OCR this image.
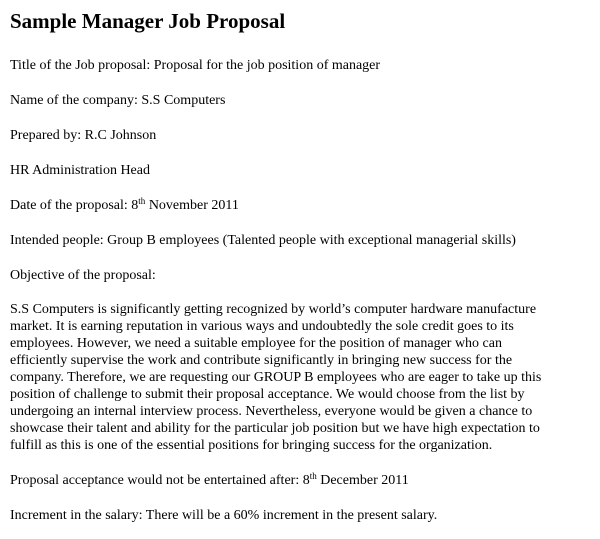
Sample Manager Job Proposal

Title of the Job proposal: Proposal for the job position of manager

Name of the company: S.S Computers

Prepared by: R.C Johnson

HR Administration Head

Date of the proposal: 8th November 2011

Intended people: Group B employees (Talented people with exceptional managerial skills)

Objective of the proposal:

S.S Computers is significantly getting recognized by world’s computer hardware manufacture
market. It is earning reputation in various ways and undoubtedly the sole credit goes to its
employees. However, we need a suitable employee for the position of manager who can
efficiently supervise the work and contribute significantly in bringing new success for the
company. Therefore, we are requesting our GROUP B employees who are eager to take up this
position of challenge to submit their proposal acceptance. We would choose from the list by
undergoing an internal interview process. Nevertheless, everyone would be given a chance to
showcase their talent and ability for the particular job position but we have high expectation to
fulfill as this is one of the essential positions for bringing success for the organization.

Proposal acceptance would not be entertained after: 8th December 2011

Increment in the salary: There will be a 60% increment in the present salary.
